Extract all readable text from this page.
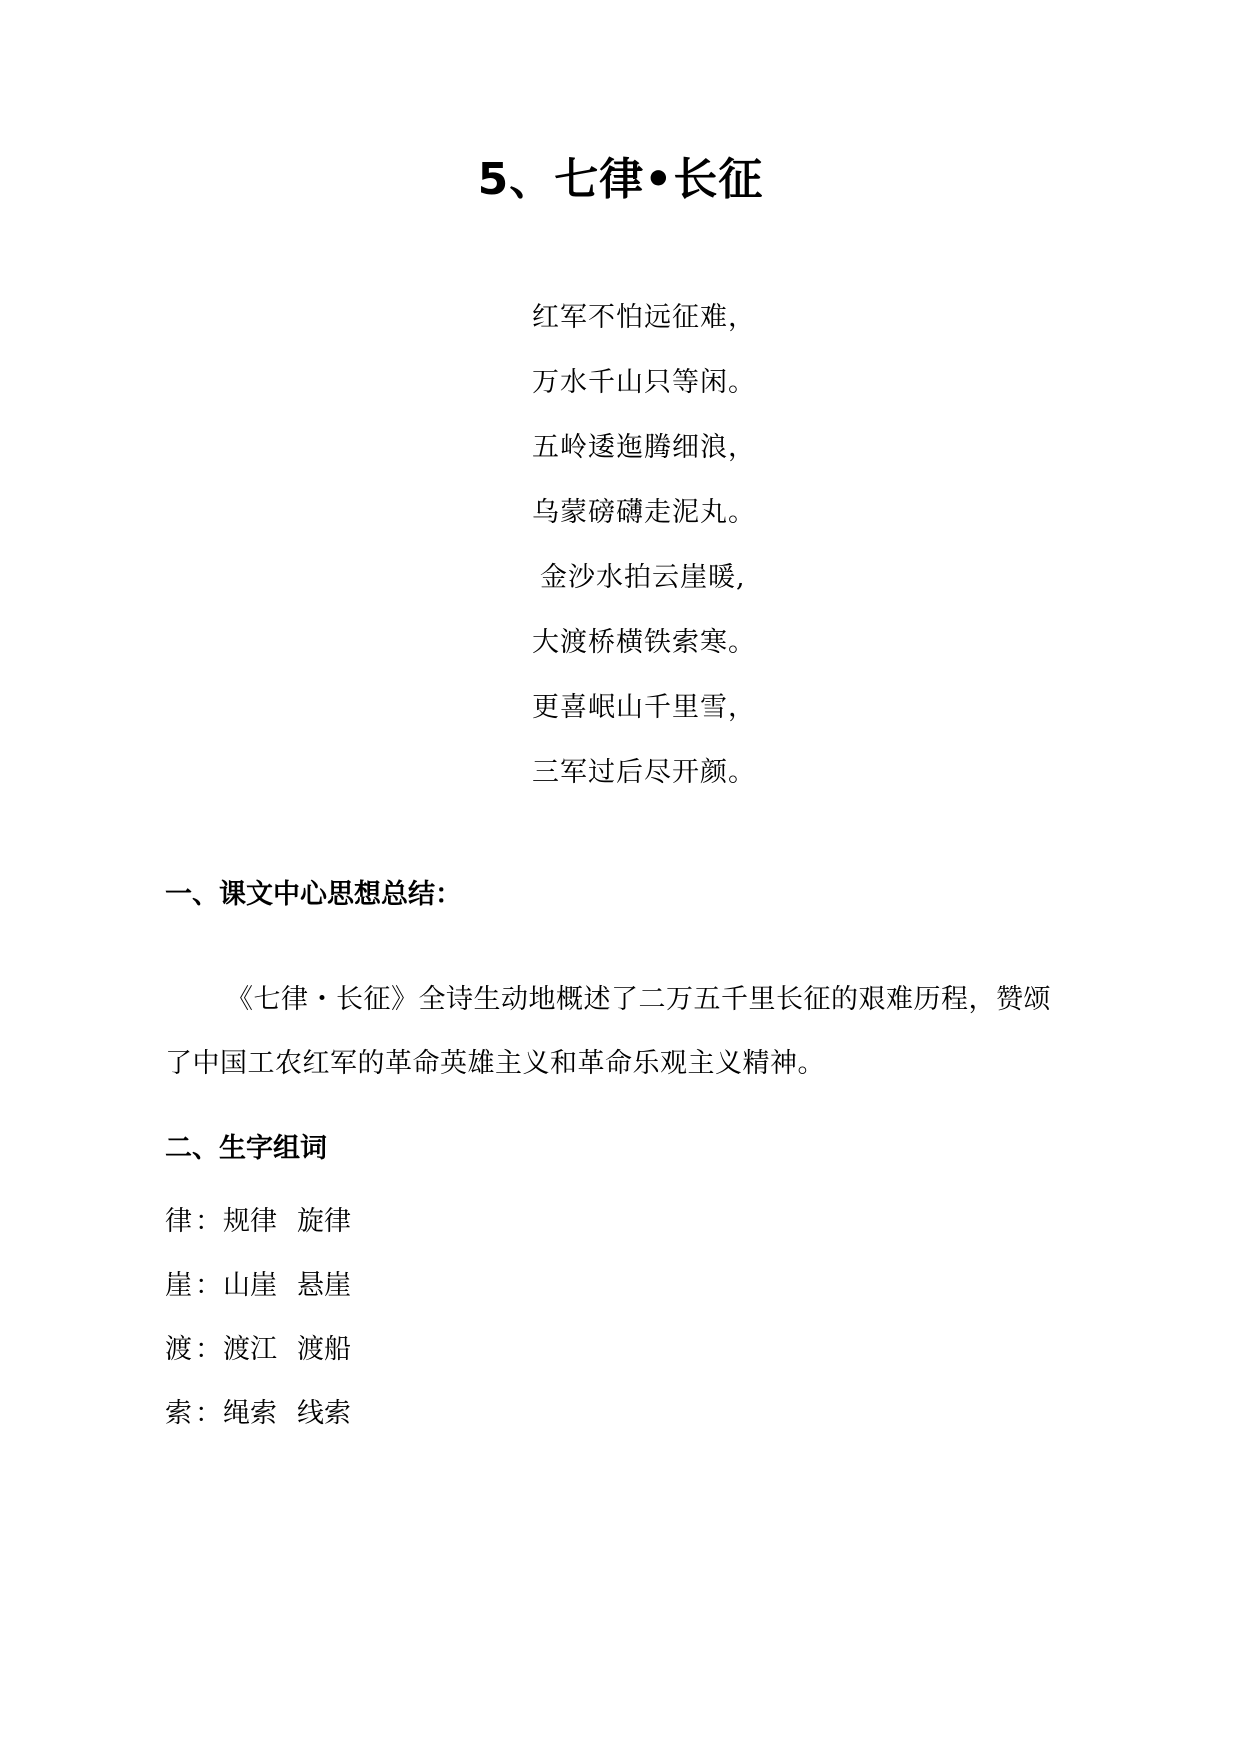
5、七律•长征
红军不怕远征难，
万水千山只等闲。
五岭逶迤腾细浪，
乌蒙磅礴走泥丸。
金沙水拍云崖暖,
大渡桥横铁索寒。
更喜岷山千里雪，
三军过后尽开颜。
一、课文中心思想总结：

《七律・长征》全诗生动地概述了二万五千里长征的艰难历程，赞颂了中国工农红军的革命英雄主义和革命乐观主义精神。

二、生字组词
律 ：规律 旋律
崖 ：山崖 悬崖
渡 ：渡江 渡船
索 ：绳索 线索
